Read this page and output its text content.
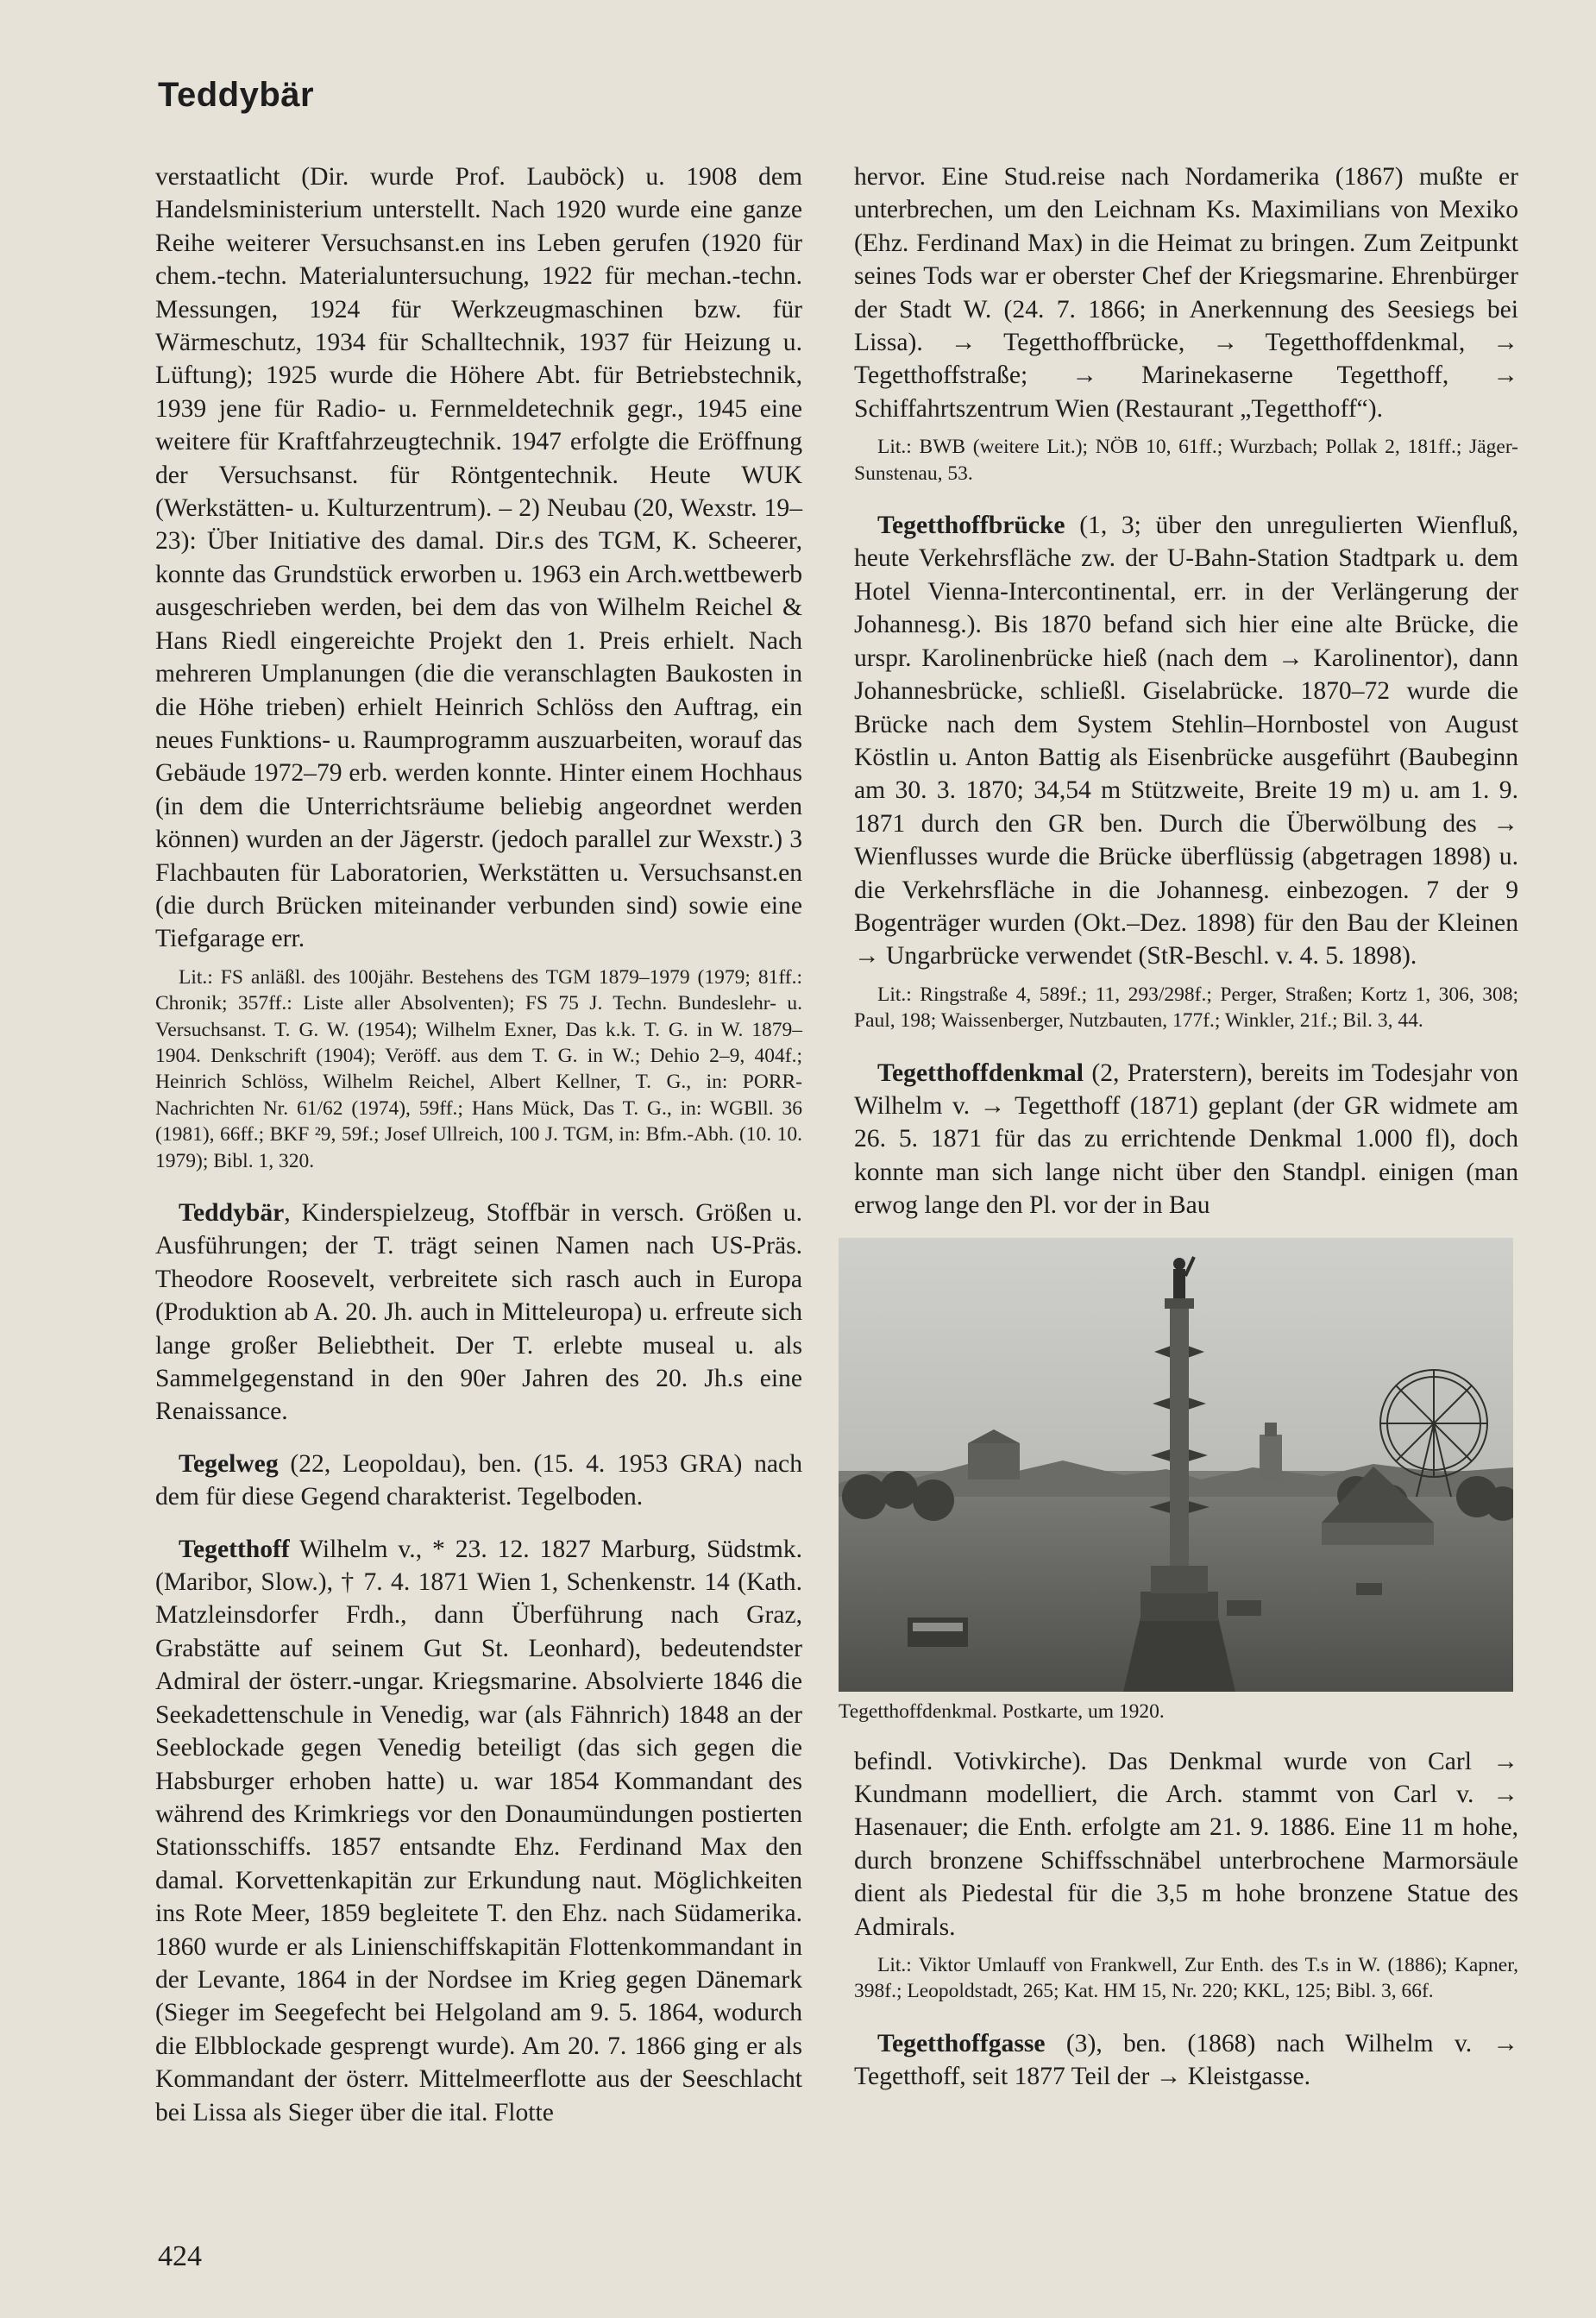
Teddybär

verstaatlicht (Dir. wurde Prof. Lauböck) u. 1908 dem Handelsministerium unterstellt. Nach 1920 wurde eine ganze Reihe weiterer Versuchsanst.en ins Leben gerufen (1920 für chem.-techn. Materialuntersuchung, 1922 für mechan.-techn. Messungen, 1924 für Werkzeugmaschinen bzw. für Wärmeschutz, 1934 für Schalltechnik, 1937 für Heizung u. Lüftung); 1925 wurde die Höhere Abt. für Betriebstechnik, 1939 jene für Radio- u. Fernmeldetechnik gegr., 1945 eine weitere für Kraftfahrzeugtechnik. 1947 erfolgte die Eröffnung der Versuchsanst. für Röntgentechnik. Heute WUK (Werkstätten- u. Kulturzentrum). – 2) Neubau (20, Wexstr. 19–23): Über Initiative des damal. Dir.s des TGM, K. Scheerer, konnte das Grundstück erworben u. 1963 ein Arch.wettbewerb ausgeschrieben werden, bei dem das von Wilhelm Reichel & Hans Riedl eingereichte Projekt den 1. Preis erhielt. Nach mehreren Umplanungen (die die veranschlagten Baukosten in die Höhe trieben) erhielt Heinrich Schlöss den Auftrag, ein neues Funktions- u. Raumprogramm auszuarbeiten, worauf das Gebäude 1972–79 erb. werden konnte. Hinter einem Hochhaus (in dem die Unterrichtsräume beliebig angeordnet werden können) wurden an der Jägerstr. (jedoch parallel zur Wexstr.) 3 Flachbauten für Laboratorien, Werkstätten u. Versuchsanst.en (die durch Brücken miteinander verbunden sind) sowie eine Tiefgarage err.

Lit.: FS anläßl. des 100jähr. Bestehens des TGM 1879–1979 (1979; 81ff.: Chronik; 357ff.: Liste aller Absolventen); FS 75 J. Techn. Bundeslehr- u. Versuchsanst. T. G. W. (1954); Wilhelm Exner, Das k.k. T. G. in W. 1879–1904. Denkschrift (1904); Veröff. aus dem T. G. in W.; Dehio 2–9, 404f.; Heinrich Schlöss, Wilhelm Reichel, Albert Kellner, T. G., in: PORR-Nachrichten Nr. 61/62 (1974), 59ff.; Hans Mück, Das T. G., in: WGBll. 36 (1981), 66ff.; BKF ²9, 59f.; Josef Ullreich, 100 J. TGM, in: Bfm.-Abh. (10. 10. 1979); Bibl. 1, 320.

Teddybär, Kinderspielzeug, Stoffbär in versch. Größen u. Ausführungen; der T. trägt seinen Namen nach US-Präs. Theodore Roosevelt, verbreitete sich rasch auch in Europa (Produktion ab A. 20. Jh. auch in Mitteleuropa) u. erfreute sich lange großer Beliebtheit. Der T. erlebte museal u. als Sammelgegenstand in den 90er Jahren des 20. Jh.s eine Renaissance.

Tegelweg (22, Leopoldau), ben. (15. 4. 1953 GRA) nach dem für diese Gegend charakterist. Tegelboden.

Tegetthoff Wilhelm v., * 23. 12. 1827 Marburg, Südstmk. (Maribor, Slow.), † 7. 4. 1871 Wien 1, Schenkenstr. 14 (Kath. Matzleinsdorfer Frdh., dann Überführung nach Graz, Grabstätte auf seinem Gut St. Leonhard), bedeutendster Admiral der österr.-ungar. Kriegsmarine. Absolvierte 1846 die Seekadettenschule in Venedig, war (als Fähnrich) 1848 an der Seeblockade gegen Venedig beteiligt (das sich gegen die Habsburger erhoben hatte) u. war 1854 Kommandant des während des Krimkriegs vor den Donaumündungen postierten Stationsschiffs. 1857 entsandte Ehz. Ferdinand Max den damal. Korvettenkapitän zur Erkundung naut. Möglichkeiten ins Rote Meer, 1859 begleitete T. den Ehz. nach Südamerika. 1860 wurde er als Linienschiffskapitän Flottenkommandant in der Levante, 1864 in der Nordsee im Krieg gegen Dänemark (Sieger im Seegefecht bei Helgoland am 9. 5. 1864, wodurch die Elbblockade gesprengt wurde). Am 20. 7. 1866 ging er als Kommandant der österr. Mittelmeerflotte aus der Seeschlacht bei Lissa als Sieger über die ital. Flotte

hervor. Eine Stud.reise nach Nordamerika (1867) mußte er unterbrechen, um den Leichnam Ks. Maximilians von Mexiko (Ehz. Ferdinand Max) in die Heimat zu bringen. Zum Zeitpunkt seines Tods war er oberster Chef der Kriegsmarine. Ehrenbürger der Stadt W. (24. 7. 1866; in Anerkennung des Seesiegs bei Lissa). → Tegetthoffbrücke, → Tegetthoffdenkmal, → Tegetthoffstraße; → Marinekaserne Tegetthoff, → Schiffahrtszentrum Wien (Restaurant „Tegetthoff“).

Lit.: BWB (weitere Lit.); NÖB 10, 61ff.; Wurzbach; Pollak 2, 181ff.; Jäger-Sunstenau, 53.

Tegetthoffbrücke (1, 3; über den unregulierten Wienfluß, heute Verkehrsfläche zw. der U-Bahn-Station Stadtpark u. dem Hotel Vienna-Intercontinental, err. in der Verlängerung der Johannesg.). Bis 1870 befand sich hier eine alte Brücke, die urspr. Karolinenbrücke hieß (nach dem → Karolinentor), dann Johannesbrücke, schließl. Giselabrücke. 1870–72 wurde die Brücke nach dem System Stehlin–Hornbostel von August Köstlin u. Anton Battig als Eisenbrücke ausgeführt (Baubeginn am 30. 3. 1870; 34,54 m Stützweite, Breite 19 m) u. am 1. 9. 1871 durch den GR ben. Durch die Überwölbung des → Wienflusses wurde die Brücke überflüssig (abgetragen 1898) u. die Verkehrsfläche in die Johannesg. einbezogen. 7 der 9 Bogenträger wurden (Okt.–Dez. 1898) für den Bau der Kleinen → Ungarbrücke verwendet (StR-Beschl. v. 4. 5. 1898).

Lit.: Ringstraße 4, 589f.; 11, 293/298f.; Perger, Straßen; Kortz 1, 306, 308; Paul, 198; Waissenberger, Nutzbauten, 177f.; Winkler, 21f.; Bil. 3, 44.

Tegetthoffdenkmal (2, Praterstern), bereits im Todesjahr von Wilhelm v. → Tegetthoff (1871) geplant (der GR widmete am 26. 5. 1871 für das zu errichtende Denkmal 1.000 fl), doch konnte man sich lange nicht über den Standpl. einigen (man erwog lange den Pl. vor der in Bau

Tegetthoffdenkmal. Postkarte, um 1920.

befindl. Votivkirche). Das Denkmal wurde von Carl → Kundmann modelliert, die Arch. stammt von Carl v. → Hasenauer; die Enth. erfolgte am 21. 9. 1886. Eine 11 m hohe, durch bronzene Schiffsschnäbel unterbrochene Marmorsäule dient als Piedestal für die 3,5 m hohe bronzene Statue des Admirals.

Lit.: Viktor Umlauff von Frankwell, Zur Enth. des T.s in W. (1886); Kapner, 398f.; Leopoldstadt, 265; Kat. HM 15, Nr. 220; KKL, 125; Bibl. 3, 66f.

Tegetthoffgasse (3), ben. (1868) nach Wilhelm v. → Tegetthoff, seit 1877 Teil der → Kleistgasse.

424
